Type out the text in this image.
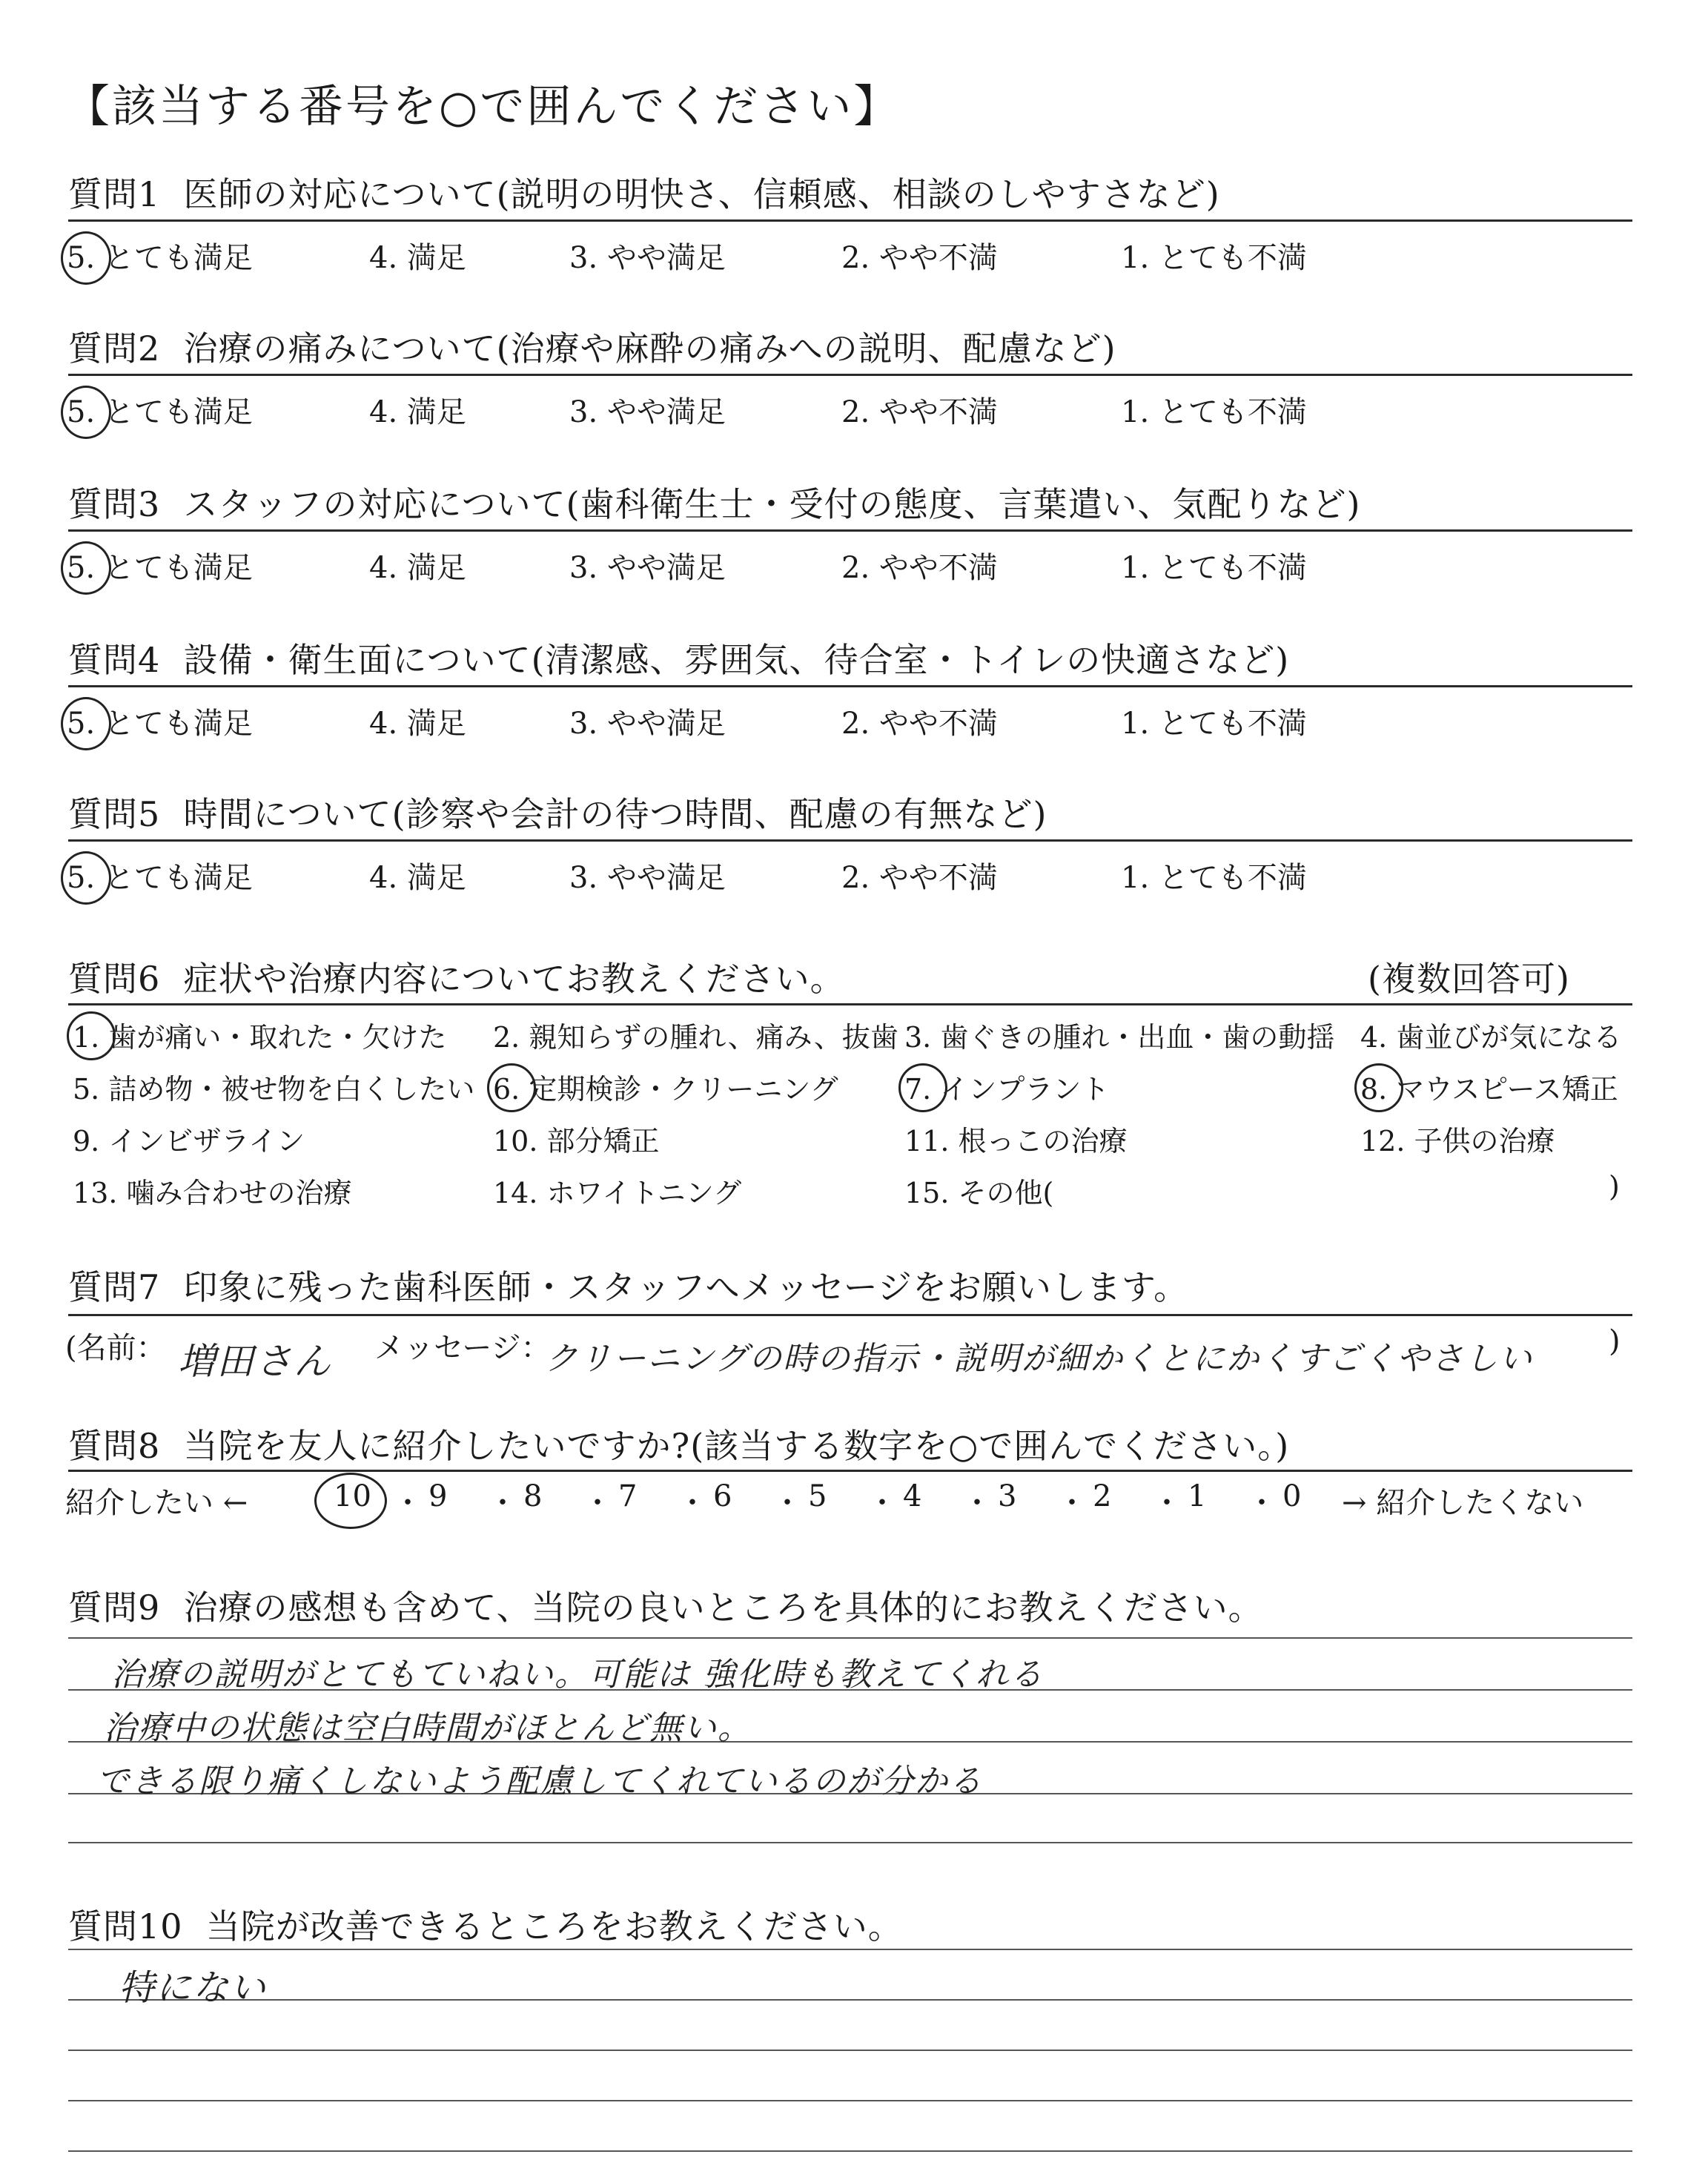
【該当する番号を○で囲んでください】
質問1 医師の対応について(説明の明快さ、信頼感、相談のしやすさなど)
5. とても満足	4. 満足	3. やや満足	2. やや不満	1. とても不満
質問2 治療の痛みについて(治療や麻酔の痛みへの説明、配慮など)
5. とても満足	4. 満足	3. やや満足	2. やや不満	1. とても不満
質問3 スタッフの対応について(歯科衛生士・受付の態度、言葉遣い、気配りなど)
5. とても満足	4. 満足	3. やや満足	2. やや不満	1. とても不満
質問4 設備・衛生面について(清潔感、雰囲気、待合室・トイレの快適さなど)
5. とても満足	4. 満足	3. やや満足	2. やや不満	1. とても不満
質問5 時間について(診察や会計の待つ時間、配慮の有無など)
5. とても満足	4. 満足	3. やや満足	2. やや不満	1. とても不満
質問6 症状や治療内容についてお教えください。	(複数回答可)
1. 歯が痛い・取れた・欠けた 2. 親知らずの腫れ、痛み、抜歯 3. 歯ぐきの腫れ・出血・歯の動揺 4. 歯並びが気になる
5. 詰め物・被せ物を白くしたい 6. 定期検診・クリーニング 7. インプラント	8. マウスピース矯正
9. インビザライン	10. 部分矯正	11. 根っこの治療	12. 子供の治療
13. 噛み合わせの治療	14. ホワイトニング	15. その他(	)
質問7 印象に残った歯科医師・スタッフへメッセージをお願いします。
(名前： 増田さん メッセージ：
クリーニングの時の指示・説明が細かくとにかくすごくやさしい	)
質問8 当院を友人に紹介したいですか?(該当する数字を○で囲んでください。)
紹介したい ←	10 ・ 9 ・ 8 ・ 7 ・ 6 ・ 5 ・ 4 ・ 3 ・ 2 ・ 1 ・ 0 → 紹介したくない
質問9 治療の感想も含めて、当院の良いところを具体的にお教えください。
治療の説明がとてもていねい。可能は 強化時も教えてくれる
治療中の状態は空白時間がほとんど無い。
できる限り痛くしないよう配慮してくれているのが分かる
質問10 当院が改善できるところをお教えください。
特にない
